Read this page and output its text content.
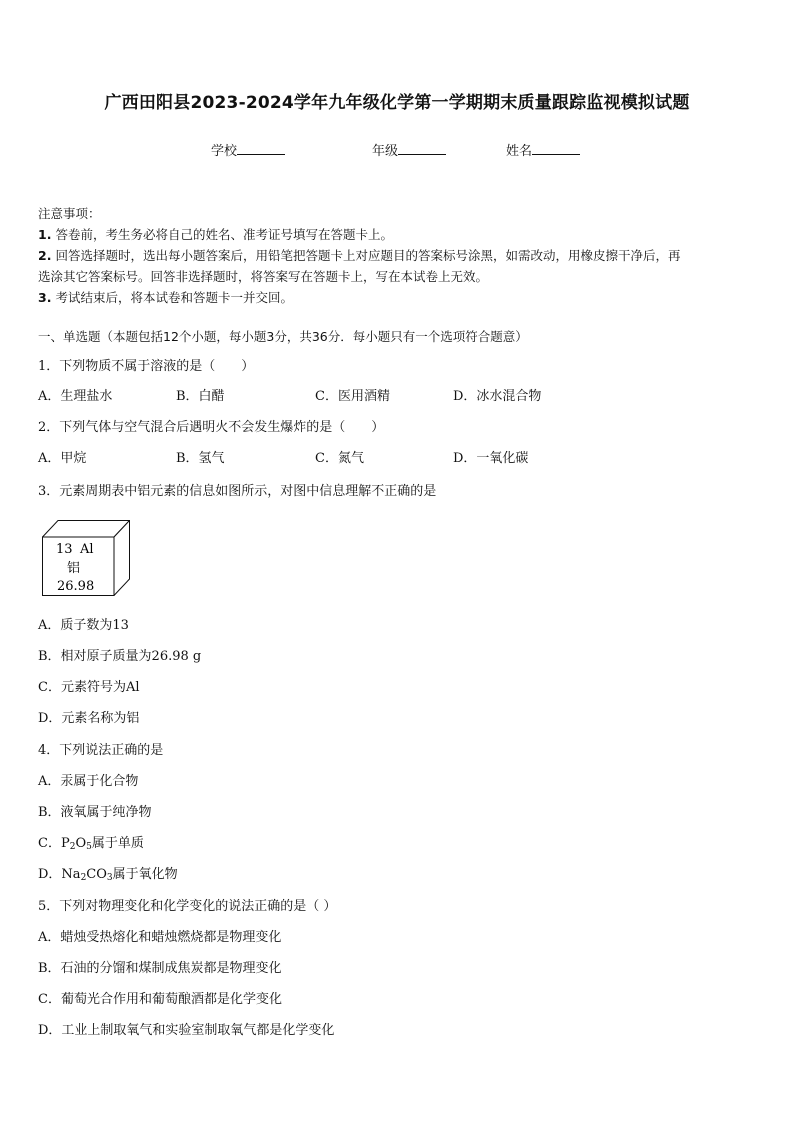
广西田阳县2023-2024学年九年级化学第一学期期末质量跟踪监视模拟试题
学校	年级	姓名

注意事项：

1. 答卷前，考生务必将自己的姓名、准考证号填写在答题卡上。

2. 回答选择题时，选出每小题答案后，用铅笔把答题卡上对应题目的答案标号涂黑，如需改动，用橡皮擦干净后，再

选涂其它答案标号。回答非选择题时，将答案写在答题卡上，写在本试卷上无效。

3. 考试结束后，将本试卷和答题卡一并交回。

一、单选题（本题包括12个小题，每小题3分，共36分．每小题只有一个选项符合题意）
1．下列物质不属于溶液的是（　　）
A．生理盐水	B．白醋	C．医用酒精	D．冰水混合物
2．下列气体与空气混合后遇明火不会发生爆炸的是（　　）
A．甲烷	B．氢气	C．氮气	D．一氧化碳
3．元素周期表中铝元素的信息如图所示，对图中信息理解不正确的是
13 Al
铝
26.98
A．质子数为13
B．相对原子质量为26.98 g
C．元素符号为Al
D．元素名称为铝
4．下列说法正确的是
A．汞属于化合物
B．液氧属于纯净物
C．$P_2O_5$属于单质
D．$Na_2CO_3$属于氧化物
5．下列对物理变化和化学变化的说法正确的是（ ）
A．蜡烛受热熔化和蜡烛燃烧都是物理变化
B．石油的分馏和煤制成焦炭都是物理变化
C．葡萄光合作用和葡萄酿酒都是化学变化
D．工业上制取氧气和实验室制取氧气都是化学变化
